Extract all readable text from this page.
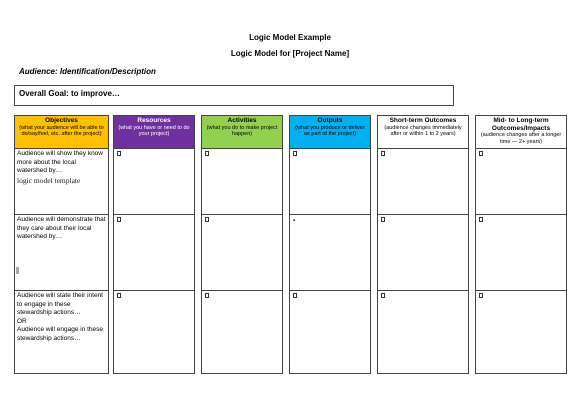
Logic Model Example
Logic Model for [Project Name]
Audience: Identification/Description
Overall Goal: to improve…
Objectives
(what your audience will be able to do/say/feel, etc. after the project)
Audience will show they know more about the local watershed by…
logic model template
Audience will demonstrate that they care about their local watershed by…
Audience will state their intent to engage in these stewardship actions…
OR
Audience will engage in these stewardship actions…
Resources
(what you have or need to do your project)
Activities
(what you do to make project happen)
Outputs
(what you produce or deliver as part of the project)
▪
Short-term Outcomes
(audience changes immediately after or within 1 to 2 years)
Mid- to Long-term Outcomes/Impacts
(audience changes after a longer time — 2+ years)
